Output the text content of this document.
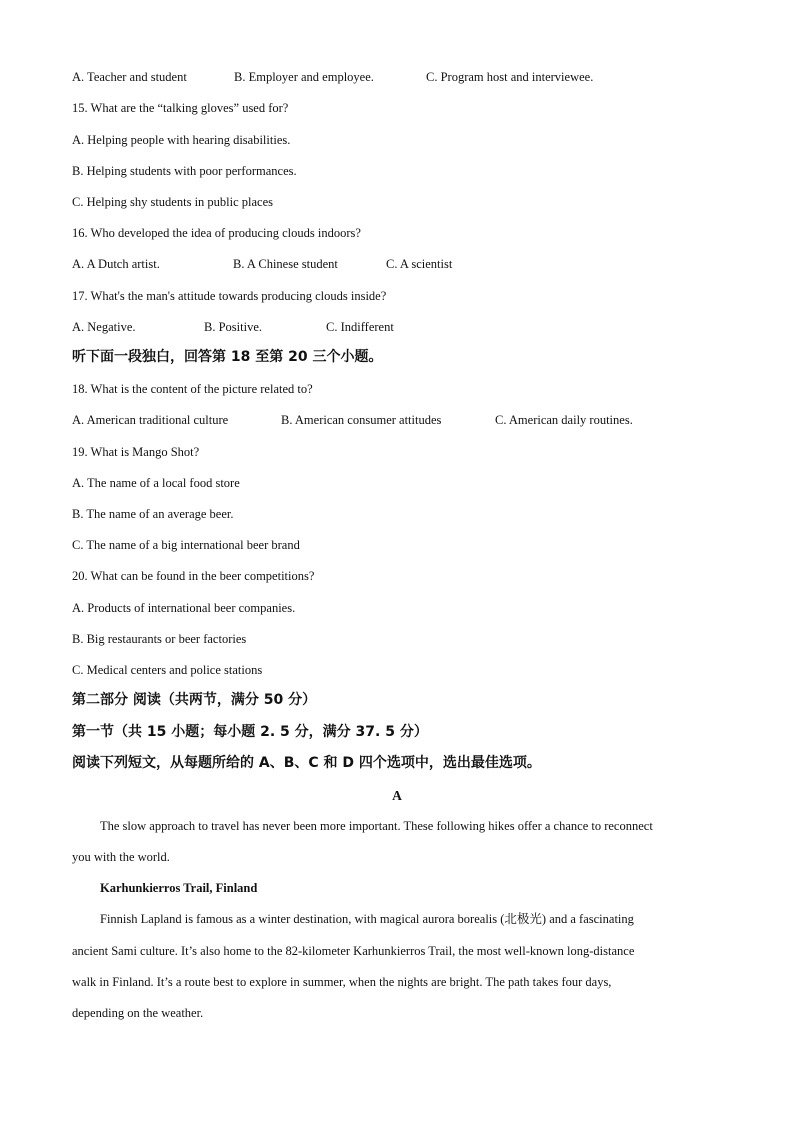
A. Teacher and student	B. Employer and employee.	C. Program host and interviewee.
15. What are the “talking gloves” used for?
A. Helping people with hearing disabilities.
B. Helping students with poor performances.
C. Helping shy students in public places
16. Who developed the idea of producing clouds indoors?
A. A Dutch artist.	B. A Chinese student	C. A scientist
17. What's the man's attitude towards producing clouds inside?
A. Negative.	B. Positive.	C. Indifferent
听下面一段独白，回答第 18 至第 20 三个小题。
18. What is the content of the picture related to?
A. American traditional culture	B. American consumer attitudes	C. American daily routines.
19. What is Mango Shot?
A. The name of a local food store
B. The name of an average beer.
C. The name of a big international beer brand
20. What can be found in the beer competitions?
A. Products of international beer companies.
B. Big restaurants or beer factories
C. Medical centers and police stations
第二部分 阅读（共两节，满分 50 分）
第一节（共 15 小题；每小题 2. 5 分，满分 37. 5 分）
阅读下列短文，从每题所给的 A、B、C 和 D 四个选项中，选出最佳选项。
A
The slow approach to travel has never been more important. These following hikes offer a chance to reconnect
you with the world.
Karhunkierros Trail, Finland
Finnish Lapland is famous as a winter destination, with magical aurora borealis (北极光) and a fascinating
ancient Sami culture. It’s also home to the 82-kilometer Karhunkierros Trail, the most well-known long-distance
walk in Finland. It’s a route best to explore in summer, when the nights are bright. The path takes four days,
depending on the weather.
